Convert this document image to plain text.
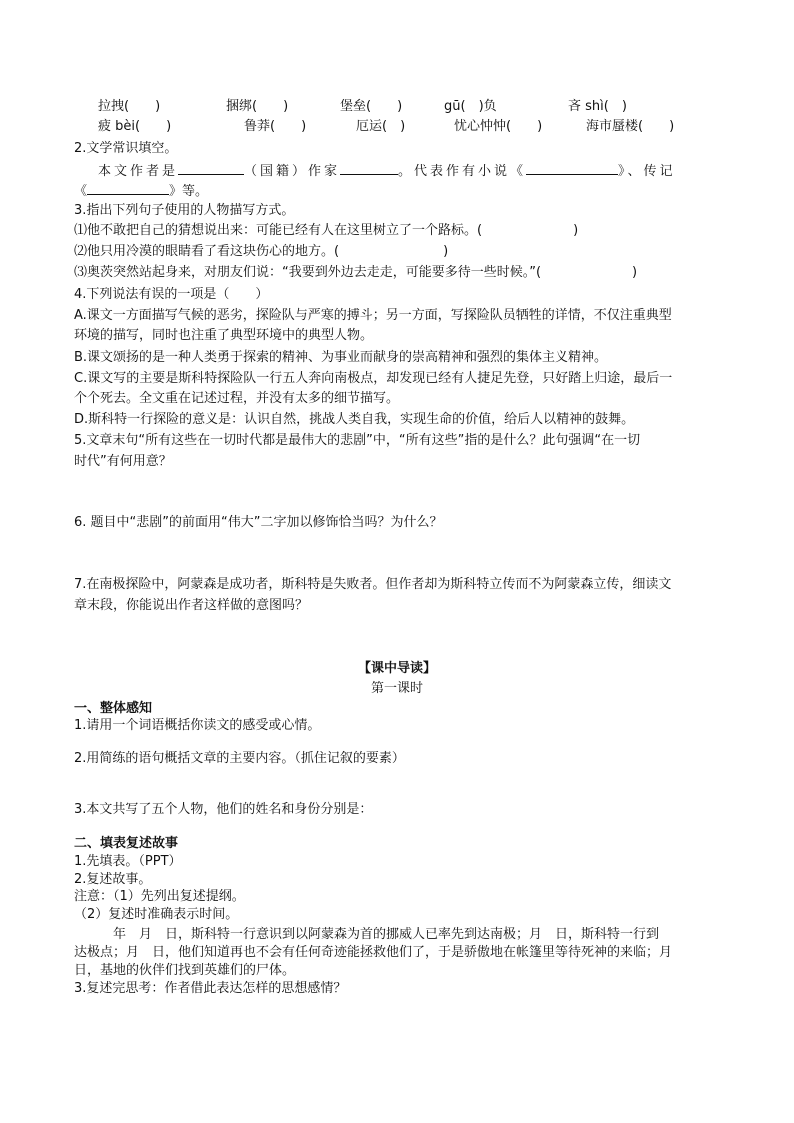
拉拽(　　)	捆绑(　　)	堡垒(　　)	gū(　)负	吝 shì(　)
疲 bèi(　　)	鲁莽(　　)	厄运(　)	忧心忡忡(　　)	海市蜃楼(　　)
2.文学常识填空。
本文作者是	（国籍）作家	。代表作有小说《	》、传记
《	》等。
3.指出下列句子使用的人物描写方式。
⑴他不敢把自己的猜想说出来：可能已经有人在这里树立了一个路标。(　　　　　　　)
⑵他只用冷漠的眼睛看了看这块伤心的地方。(　　　　　　　　)
⑶奥茨突然站起身来，对朋友们说：“我要到外边去走走，可能要多待一些时候。”(　　　　　　　)
4.下列说法有误的一项是（　　）
A.课文一方面描写气候的恶劣，探险队与严寒的搏斗；另一方面，写探险队员牺牲的详情，不仅注重典型
环境的描写，同时也注重了典型环境中的典型人物。
B.课文颂扬的是一种人类勇于探索的精神、为事业而献身的崇高精神和强烈的集体主义精神。
C.课文写的主要是斯科特探险队一行五人奔向南极点，却发现已经有人捷足先登，只好踏上归途，最后一
个个死去。全文重在记述过程，并没有太多的细节描写。
D.斯科特一行探险的意义是：认识自然，挑战人类自我，实现生命的价值，给后人以精神的鼓舞。
5.文章末句“所有这些在一切时代都是最伟大的悲剧”中，“所有这些”指的是什么？此句强调“在一切
时代”有何用意？
6. 题目中“悲剧”的前面用“伟大”二字加以修饰恰当吗？为什么？
7.在南极探险中，阿蒙森是成功者，斯科特是失败者。但作者却为斯科特立传而不为阿蒙森立传，细读文
章末段，你能说出作者这样做的意图吗？
【课中导读】
第一课时
一、整体感知
1.请用一个词语概括你读文的感受或心情。
2.用简练的语句概括文章的主要内容。（抓住记叙的要素）
3.本文共写了五个人物，他们的姓名和身份分别是：
二、填表复述故事
1.先填表。（PPT）
2.复述故事。
注意：（1）先列出复述提纲。
（2）复述时准确表示时间。
　　　年　月　日，斯科特一行意识到以阿蒙森为首的挪威人已率先到达南极；月　日，斯科特一行到
达极点；月　日，他们知道再也不会有任何奇迹能拯救他们了，于是骄傲地在帐篷里等待死神的来临；月
日，基地的伙伴们找到英雄们的尸体。
3.复述完思考：作者借此表达怎样的思想感情？
